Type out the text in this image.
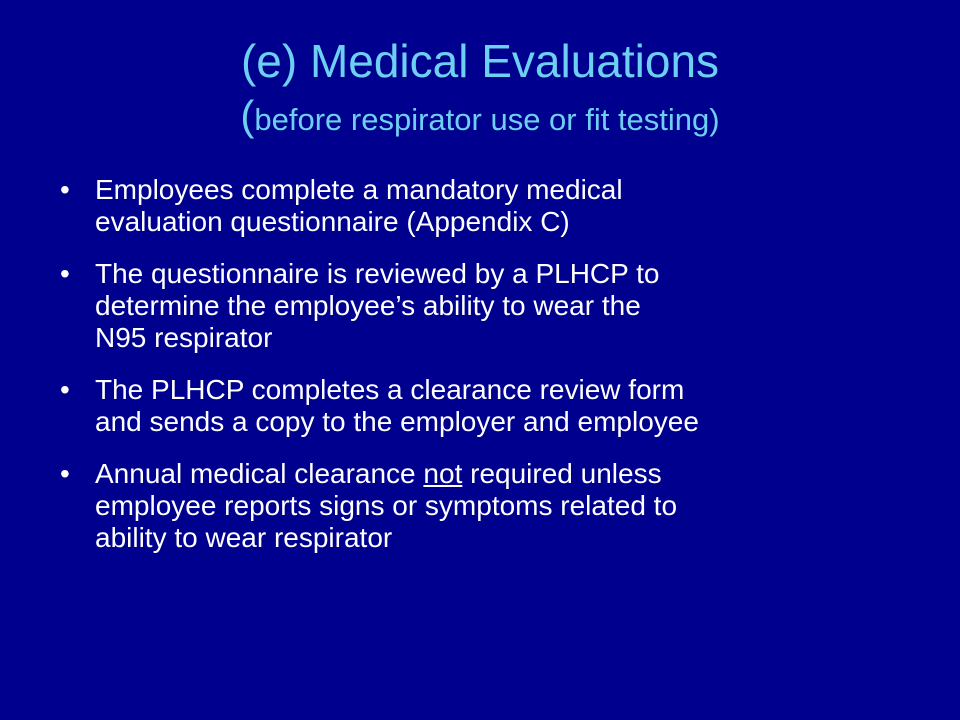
(e) Medical Evaluations
(before respirator use or fit testing)
• Employees complete a mandatory medical
evaluation questionnaire (Appendix C)
• The questionnaire is reviewed by a PLHCP to
determine the employee’s ability to wear the
N95 respirator
• The PLHCP completes a clearance review form
and sends a copy to the employer and employee
• Annual medical clearance not required unless
employee reports signs or symptoms related to
ability to wear respirator
